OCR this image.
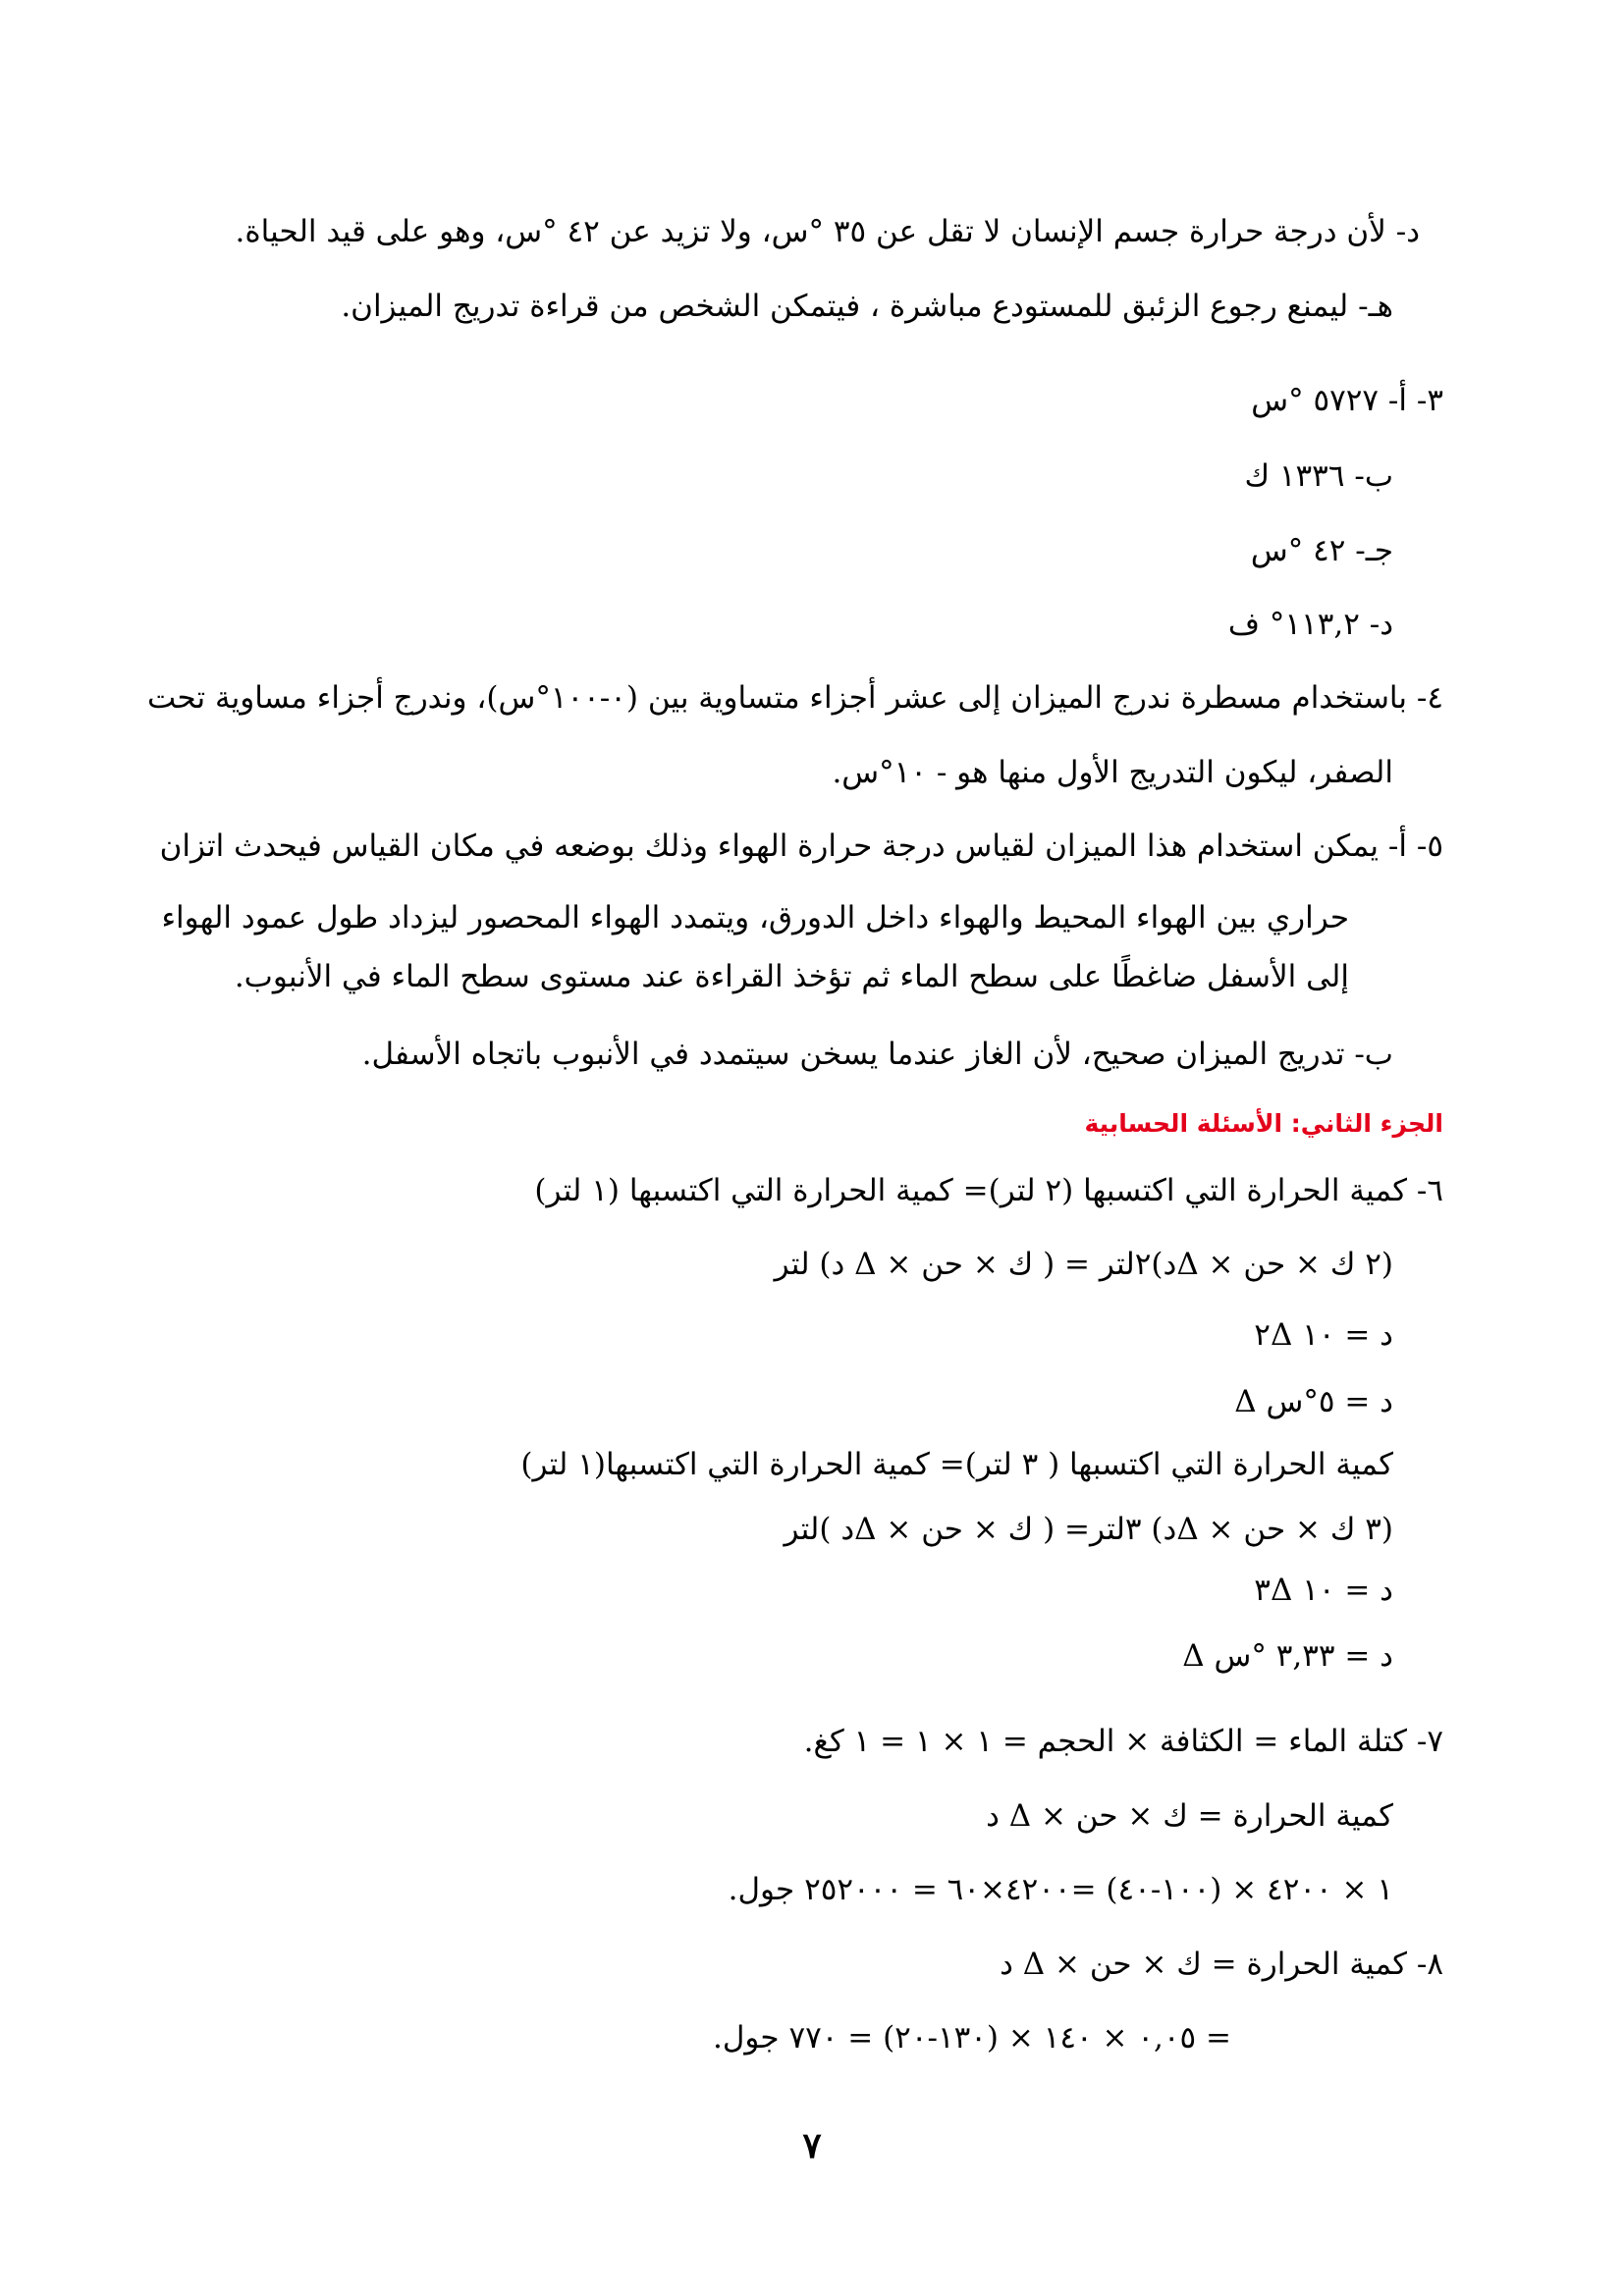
د- لأن درجة حرارة جسم الإنسان لا تقل عن ٣٥ °س، ولا تزيد عن ٤٢ °س، وهو على قيد الحياة.
هـ- ليمنع رجوع الزئبق للمستودع مباشرة ، فيتمكن الشخص من قراءة تدريج الميزان.
٣- أ- ٥٧٢٧ °س
ب- ١٣٣٦ ك
جـ- ٤٢ °س
د- ١١٣,٢° ف
٤- باستخدام مسطرة ندرج الميزان إلى عشر أجزاء متساوية بين (٠-١٠٠°س)، وندرج أجزاء مساوية تحت
الصفر، ليكون التدريج الأول منها هو - ١٠°س.
٥- أ- يمكن استخدام هذا الميزان لقياس درجة حرارة الهواء وذلك بوضعه في مكان القياس فيحدث اتزان
حراري بين الهواء المحيط والهواء داخل الدورق، ويتمدد الهواء المحصور ليزداد طول عمود الهواء
إلى الأسفل ضاغطًا على سطح الماء ثم تؤخذ القراءة عند مستوى سطح الماء في الأنبوب.
ب- تدريج الميزان صحيح، لأن الغاز عندما يسخن سيتمدد في الأنبوب باتجاه الأسفل.
الجزء الثاني: الأسئلة الحسابية
٦- كمية الحرارة التي اكتسبها (٢ لتر)= كمية الحرارة التي اكتسبها (١ لتر)
(٢ ك × حن × Δد)٢لتر = ( ك × حن × Δ د) لتر
٢Δ د = ١٠
Δ د = ٥°س
كمية الحرارة التي اكتسبها ( ٣ لتر)= كمية الحرارة التي اكتسبها(١ لتر)
(٣ ك × حن × Δد) ٣لتر= ( ك × حن × Δد )لتر
٣Δ د = ١٠
Δ د = ٣,٣٣ °س
٧- كتلة الماء = الكثافة × الحجم = ١ × ١ = ١ كغ.
كمية الحرارة = ك × حن × Δ د
١ × ٤٢٠٠ × (١٠٠-٤٠) =٤٢٠٠×٦٠ = ٢٥٢٠٠٠ جول.
٨- كمية الحرارة = ك × حن × Δ د
= ٠,٠٥ × ١٤٠ × (١٣٠-٢٠) = ٧٧٠ جول.
٧
